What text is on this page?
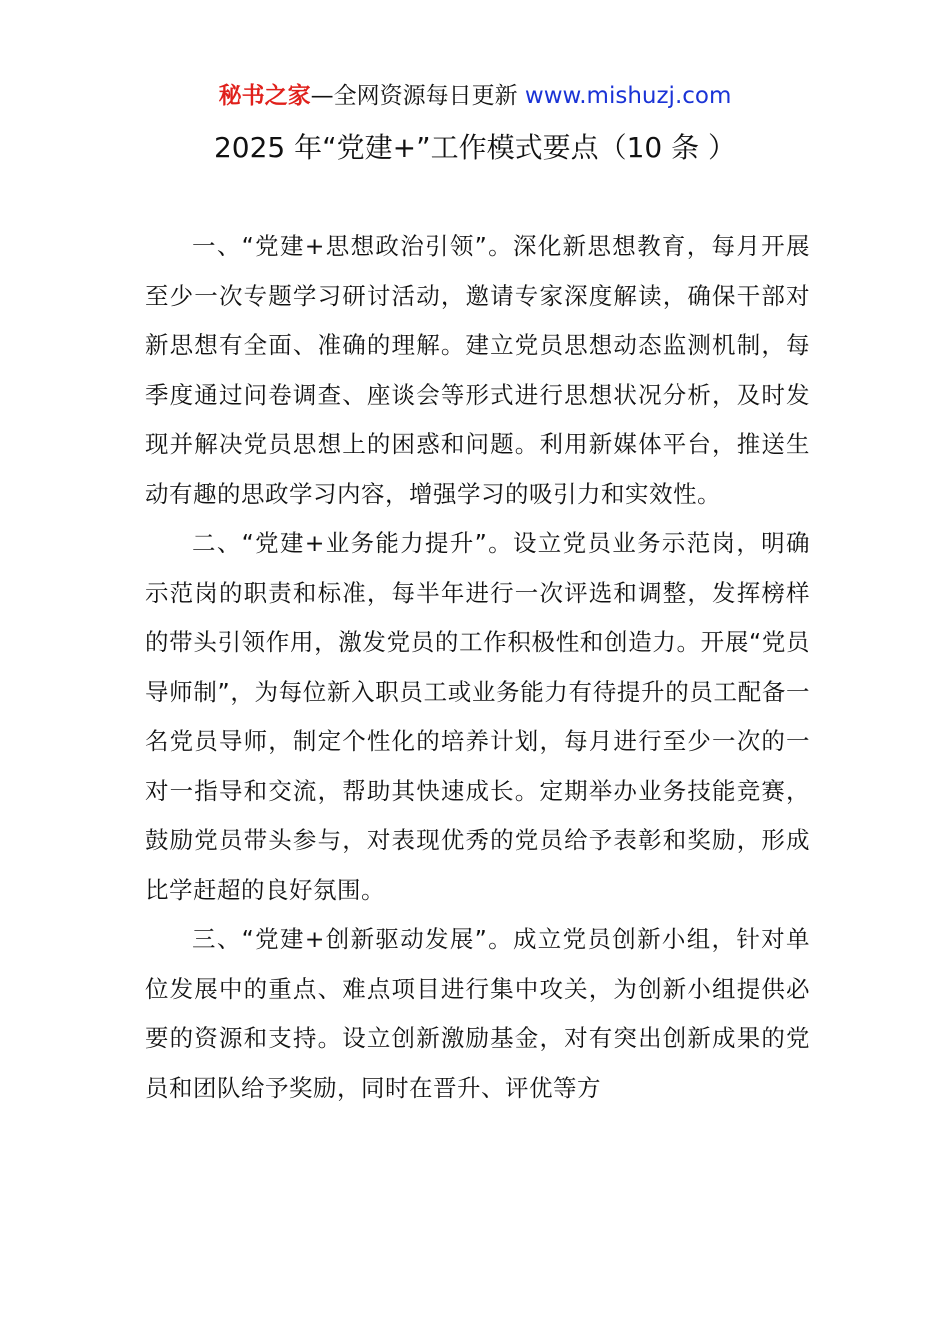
秘书之家—全网资源每日更新 www.mishuzj.com
2025 年“党建+”工作模式要点（10 条 ）

一、“党建+思想政治引领”。深化新思想教育，每月开展至少一次专题学习研讨活动，邀请专家深度解读，确保干部对新思想有全面、准确的理解。建立党员思想动态监测机制，每季度通过问卷调查、座谈会等形式进行思想状况分析，及时发现并解决党员思想上的困惑和问题。利用新媒体平台，推送生动有趣的思政学习内容，增强学习的吸引力和实效性。

二、“党建+业务能力提升”。设立党员业务示范岗，明确示范岗的职责和标准，每半年进行一次评选和调整，发挥榜样的带头引领作用，激发党员的工作积极性和创造力。开展“党员导师制”，为每位新入职员工或业务能力有待提升的员工配备一名党员导师，制定个性化的培养计划，每月进行至少一次的一对一指导和交流，帮助其快速成长。定期举办业务技能竞赛，鼓励党员带头参与，对表现优秀的党员给予表彰和奖励，形成比学赶超的良好氛围。

三、“党建+创新驱动发展”。成立党员创新小组，针对单位发展中的重点、难点项目进行集中攻关，为创新小组提供必要的资源和支持。设立创新激励基金，对有突出创新成果的党员和团队给予奖励，同时在晋升、评优等方
